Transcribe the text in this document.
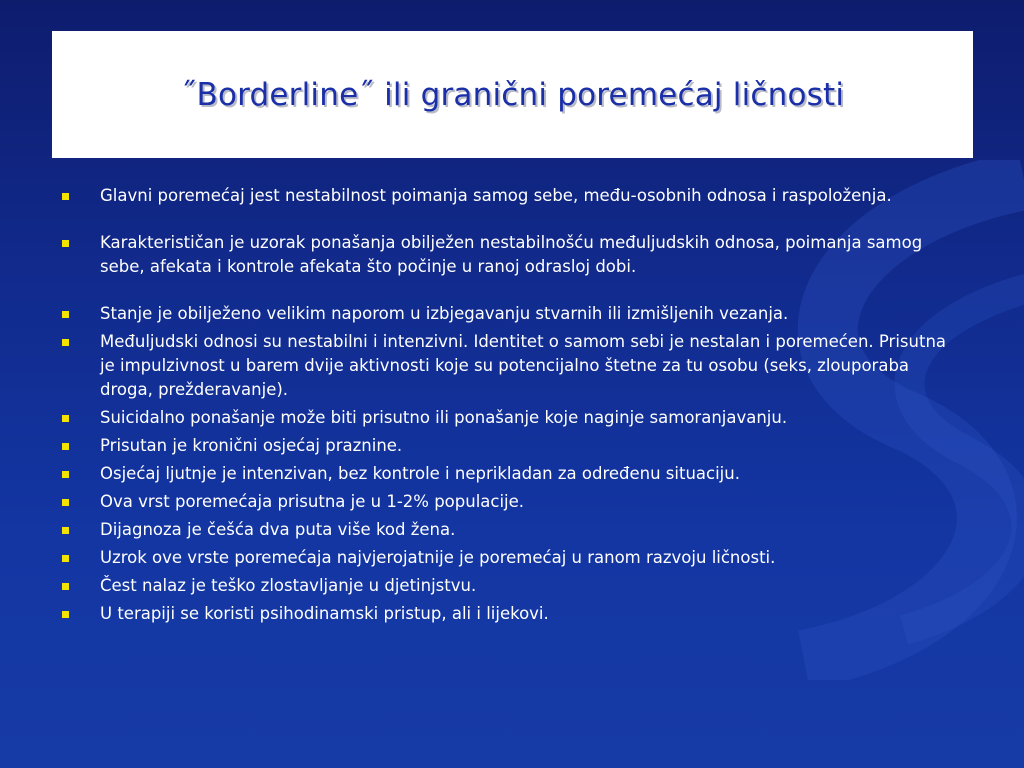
˝Borderline˝ ili granični poremećaj ličnosti
Glavni poremećaj jest nestabilnost poimanja samog sebe, među-osobnih odnosa i raspoloženja.
Karakterističan je uzorak ponašanja obilježen nestabilnošću međuljudskih odnosa, poimanja samog sebe, afekata i kontrole afekata što počinje u ranoj odrasloj dobi.
Stanje je obilježeno velikim naporom u izbjegavanju stvarnih ili izmišljenih vezanja.
Međuljudski odnosi su nestabilni i intenzivni. Identitet o samom sebi je nestalan i poremećen. Prisutna je impulzivnost u barem dvije aktivnosti koje su potencijalno štetne za tu osobu (seks, zlouporaba droga, prežderavanje).
Suicidalno ponašanje može biti prisutno ili ponašanje koje naginje samoranjavanju.
Prisutan je kronični osjećaj praznine.
Osjećaj ljutnje je intenzivan, bez kontrole i neprikladan za određenu situaciju.
Ova vrst poremećaja prisutna je u 1-2% populacije.
Dijagnoza je češća dva puta više kod žena.
Uzrok ove vrste poremećaja najvjerojatnije je poremećaj u ranom razvoju ličnosti.
Čest nalaz je teško zlostavljanje u djetinjstvu.
U terapiji se koristi psihodinamski pristup, ali i lijekovi.
